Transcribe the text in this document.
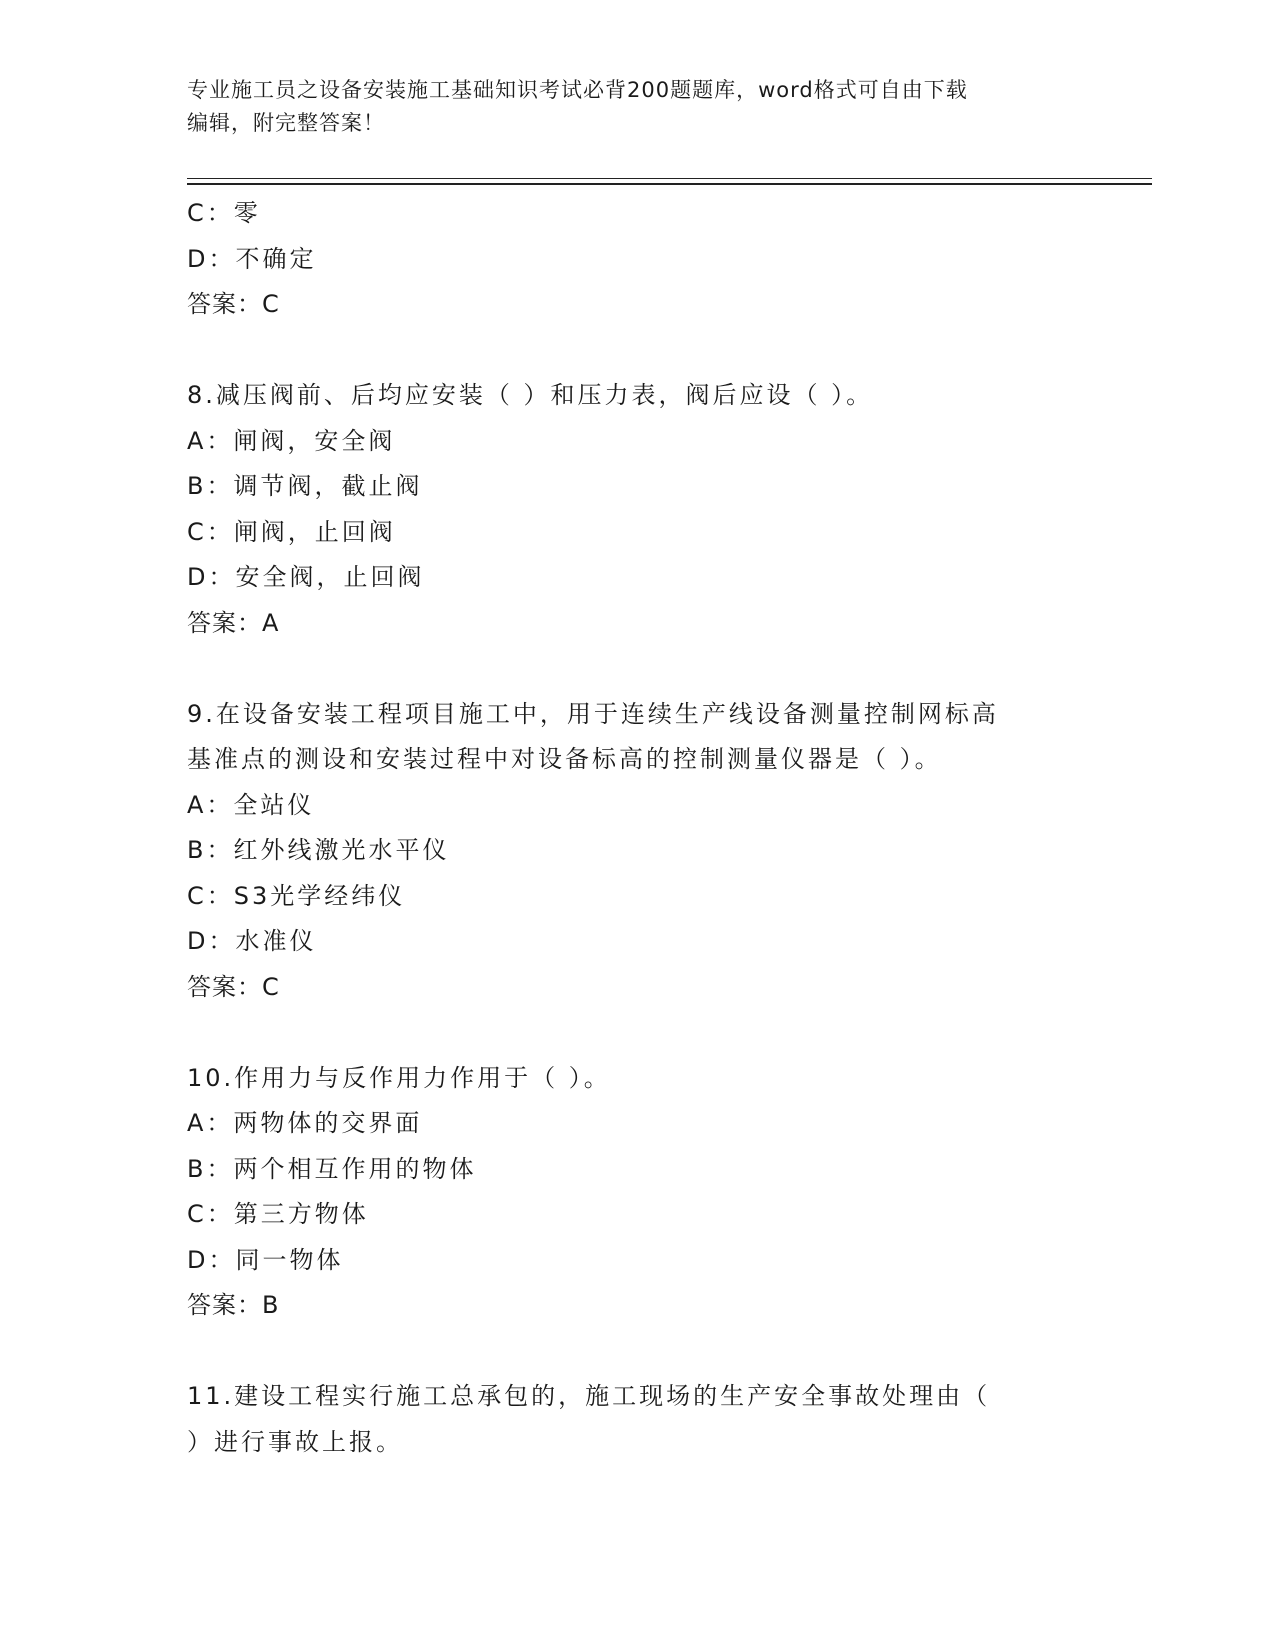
专业施工员之设备安装施工基础知识考试必背200题题库，word格式可自由下载
编辑，附完整答案！
C：零
D：不确定
答案：C
8.减压阀前、后均应安装（ ）和压力表，阀后应设（ ）。
A：闸阀，安全阀
B：调节阀，截止阀
C：闸阀，止回阀
D：安全阀，止回阀
答案：A
9.在设备安装工程项目施工中，用于连续生产线设备测量控制网标高
基准点的测设和安装过程中对设备标高的控制测量仪器是（ ）。
A：全站仪
B：红外线激光水平仪
C：S3光学经纬仪
D：水准仪
答案：C
10.作用力与反作用力作用于（ ）。
A：两物体的交界面
B：两个相互作用的物体
C：第三方物体
D：同一物体
答案：B
11.建设工程实行施工总承包的，施工现场的生产安全事故处理由（
）进行事故上报。
